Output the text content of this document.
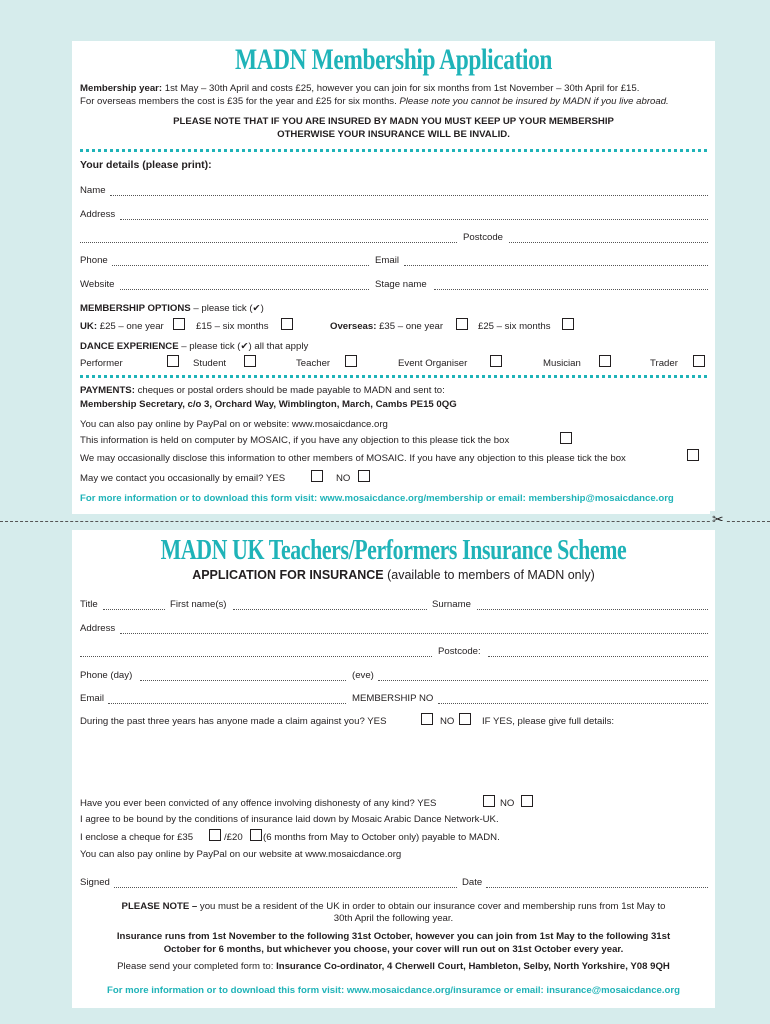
MADN Membership Application
Membership year: 1st May – 30th April and costs £25, however you can join for six months from 1st November – 30th April for £15.
For overseas members the cost is £35 for the year and £25 for six months. Please note you cannot be insured by MADN if you live abroad.
PLEASE NOTE THAT IF YOU ARE INSURED BY MADN YOU MUST KEEP UP YOUR MEMBERSHIP
OTHERWISE YOUR INSURANCE WILL BE INVALID.
Your details (please print):
Name
Address
Postcode
Phone	Email
Website	Stage name
MEMBERSHIP OPTIONS – please tick (✔)
UK: £25 – one year	£15 – six months	Overseas: £35 – one year	£25 – six months
DANCE EXPERIENCE – please tick (✔) all that apply
Performer	Student	Teacher	Event Organiser	Musician	Trader
PAYMENTS: cheques or postal orders should be made payable to MADN and sent to:
Membership Secretary, c/o 3, Orchard Way, Wimblington, March, Cambs PE15 0QG
You can also pay online by PayPal on or website: www.mosaicdance.org
This information is held on computer by MOSAIC, if you have any objection to this please tick the box
We may occasionally disclose this information to other members of MOSAIC. If you have any objection to this please tick the box
May we contact you occasionally by email? YES	NO
For more information or to download this form visit: www.mosaicdance.org/membership or email: membership@mosaicdance.org
✂
MADN UK Teachers/Performers Insurance Scheme
APPLICATION FOR INSURANCE (available to members of MADN only)
Title	First name(s)	Surname
Address
Postcode:
Phone (day)	(eve)
Email	MEMBERSHIP NO
During the past three years has anyone made a claim against you? YES	NO	IF YES, please give full details:
Have you ever been convicted of any offence involving dishonesty of any kind? YES	NO
I agree to be bound by the conditions of insurance laid down by Mosaic Arabic Dance Network-UK.
I enclose a cheque for £35	/£20 (6 months from May to October only) payable to MADN.
You can also pay online by PayPal on our website at www.mosaicdance.org
Signed	Date
PLEASE NOTE – you must be a resident of the UK in order to obtain our insurance cover and membership runs from 1st May to
30th April the following year.
Insurance runs from 1st November to the following 31st October, however you can join from 1st May to the following 31st
October for 6 months, but whichever you choose, your cover will run out on 31st October every year.
Please send your completed form to: Insurance Co-ordinator, 4 Cherwell Court, Hambleton, Selby, North Yorkshire, Y08 9QH
For more information or to download this form visit: www.mosaicdance.org/insuramce or email: insurance@mosaicdance.org
